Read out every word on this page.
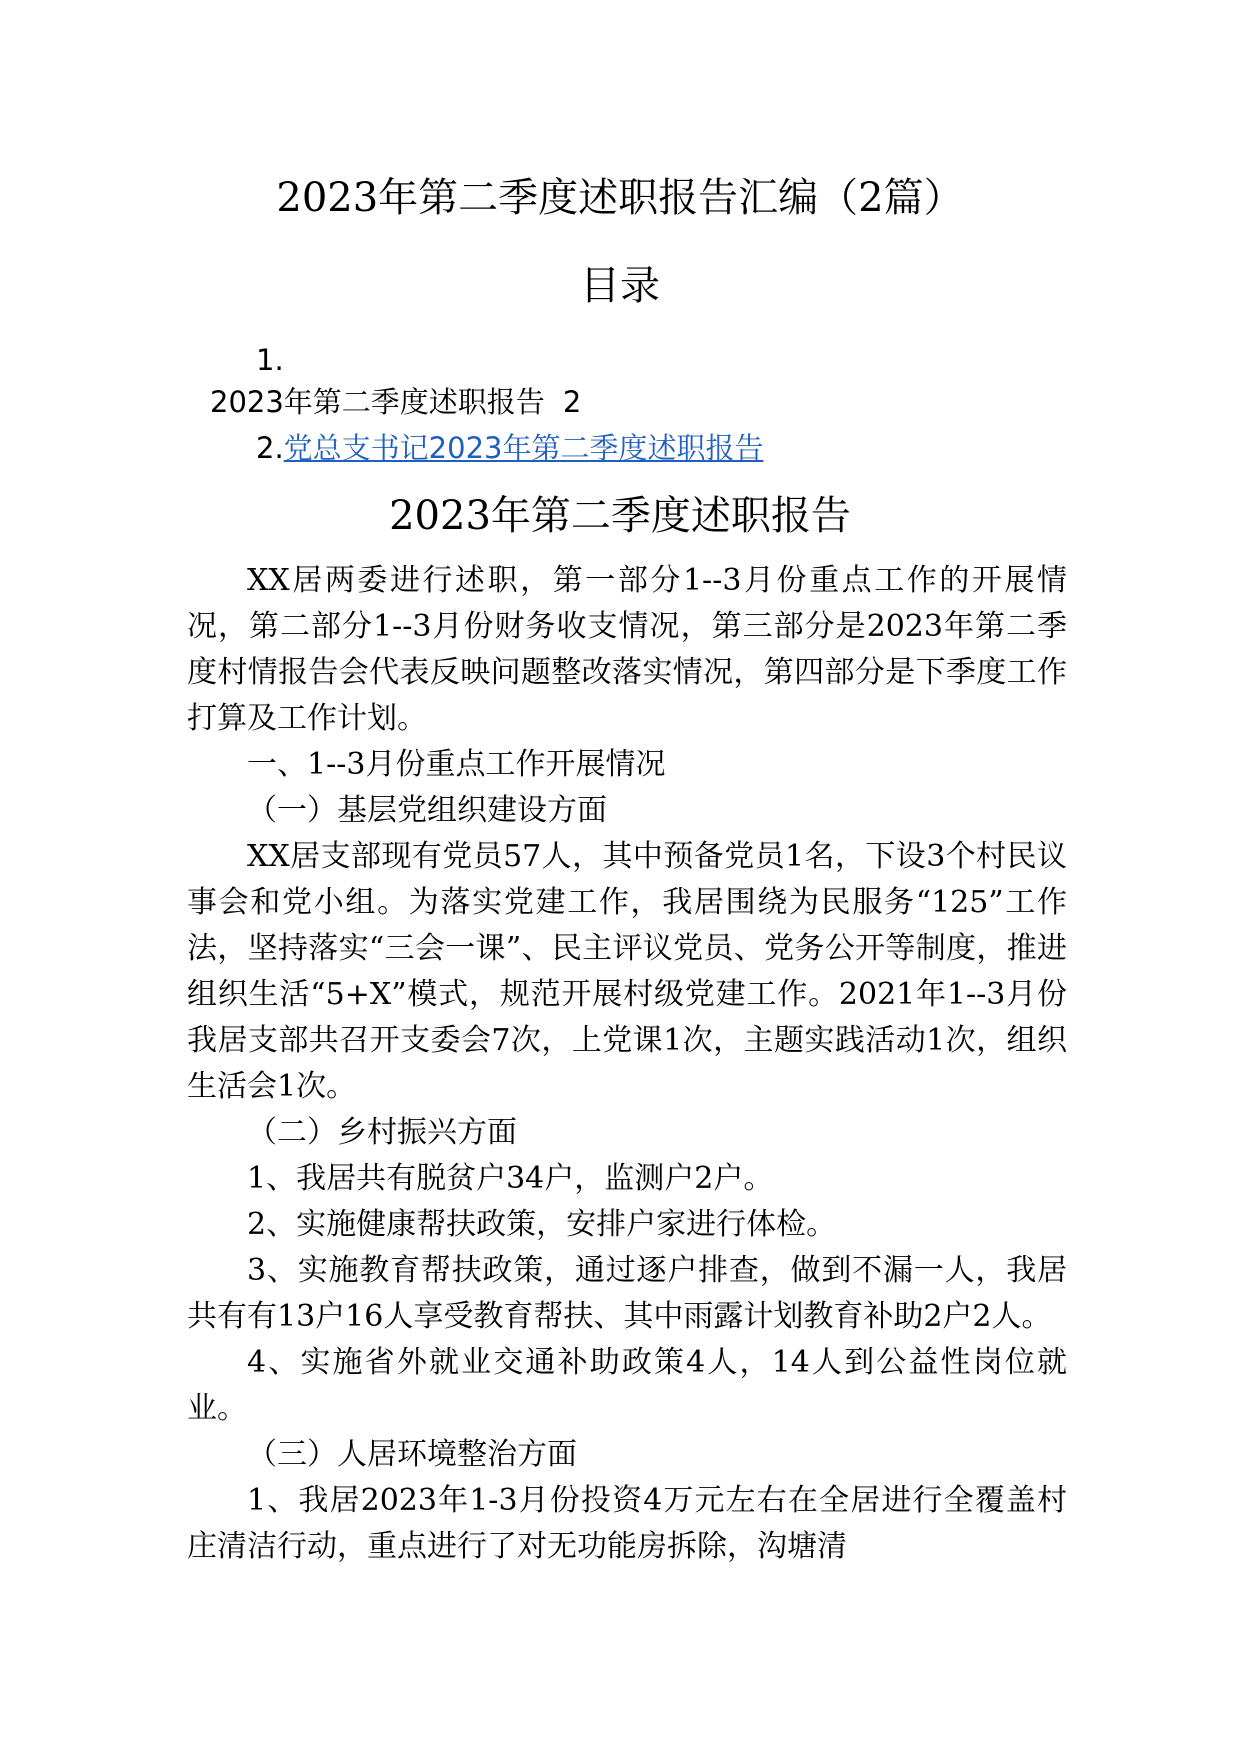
2023年第二季度述职报告汇编（2篇）
目录
1.
2023年第二季度述职报告 2
2.党总支书记2023年第二季度述职报告
2023年第二季度述职报告

XX居两委进行述职，第一部分1--3月份重点工作的开展情况，第二部分1--3月份财务收支情况，第三部分是2023年第二季度村情报告会代表反映问题整改落实情况，第四部分是下季度工作打算及工作计划。

一、1--3月份重点工作开展情况

（一）基层党组织建设方面

XX居支部现有党员57人，其中预备党员1名，下设3个村民议事会和党小组。为落实党建工作，我居围绕为民服务“125”工作法，坚持落实“三会一课”、民主评议党员、党务公开等制度，推进组织生活“5+X”模式，规范开展村级党建工作。2021年1--3月份我居支部共召开支委会7次，上党课1次，主题实践活动1次，组织生活会1次。

（二）乡村振兴方面

1、我居共有脱贫户34户，监测户2户。

2、实施健康帮扶政策，安排户家进行体检。

3、实施教育帮扶政策，通过逐户排查，做到不漏一人，我居共有有13户16人享受教育帮扶、其中雨露计划教育补助2户2人。

4、实施省外就业交通补助政策4人，14人到公益性岗位就业。

（三）人居环境整治方面

1、我居2023年1-3月份投资4万元左右在全居进行全覆盖村庄清洁行动，重点进行了对无功能房拆除，沟塘清
